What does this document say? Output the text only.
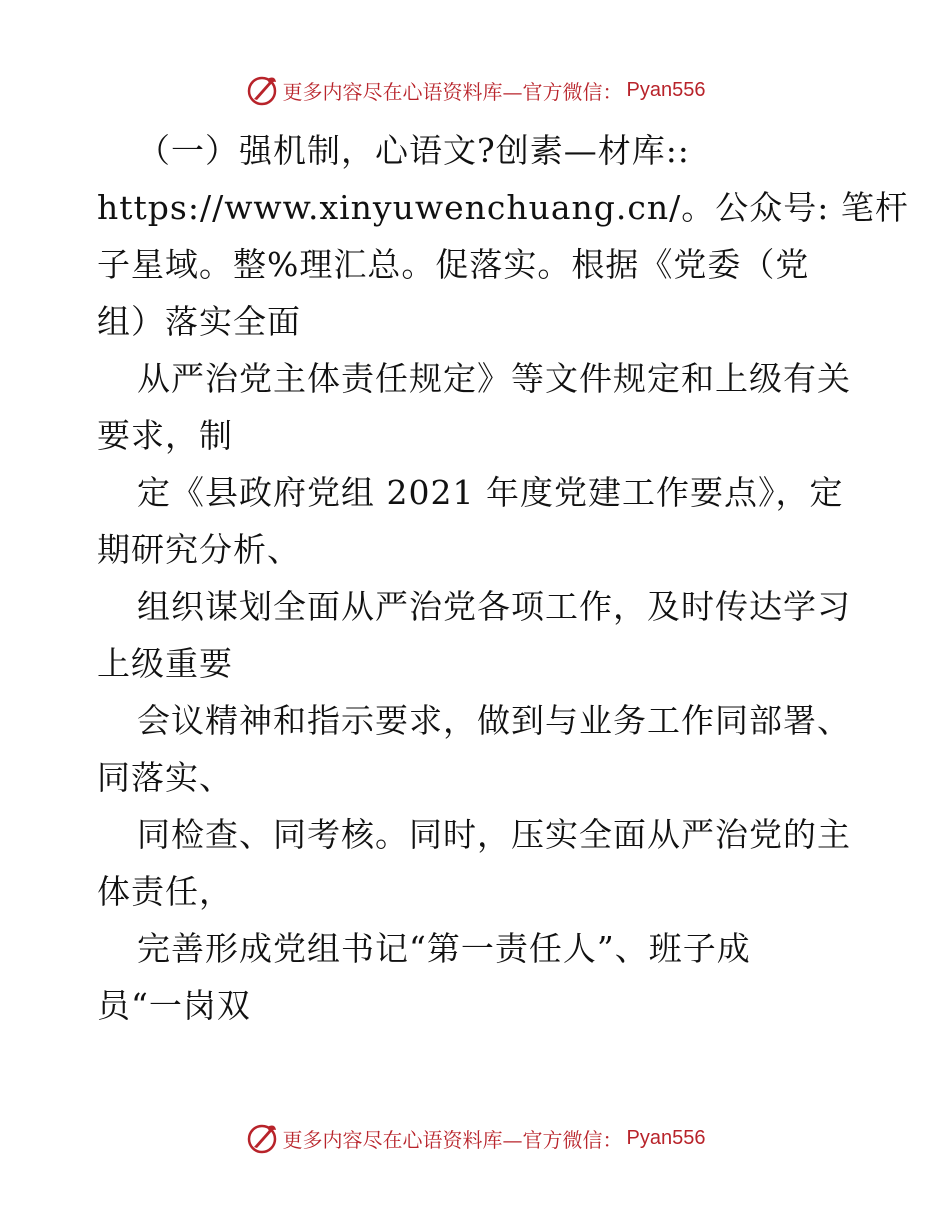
更多内容尽在心语资料库—官方微信： Pyan556
（一）强机制，心语文?创素—材库::
https://www.xinyuwenchuang.cn/。公众号: 笔杆
子星域。整%理汇总。促落实。根据《党委（党
组）落实全面
从严治党主体责任规定》等文件规定和上级有关
要求，制
定《县政府党组 2021 年度党建工作要点》，定
期研究分析、
组织谋划全面从严治党各项工作，及时传达学习
上级重要
会议精神和指示要求，做到与业务工作同部署、
同落实、
同检查、同考核。同时，压实全面从严治党的主
体责任，
完善形成党组书记“第一责任人”、班子成
员“一岗双
更多内容尽在心语资料库—官方微信： Pyan556
